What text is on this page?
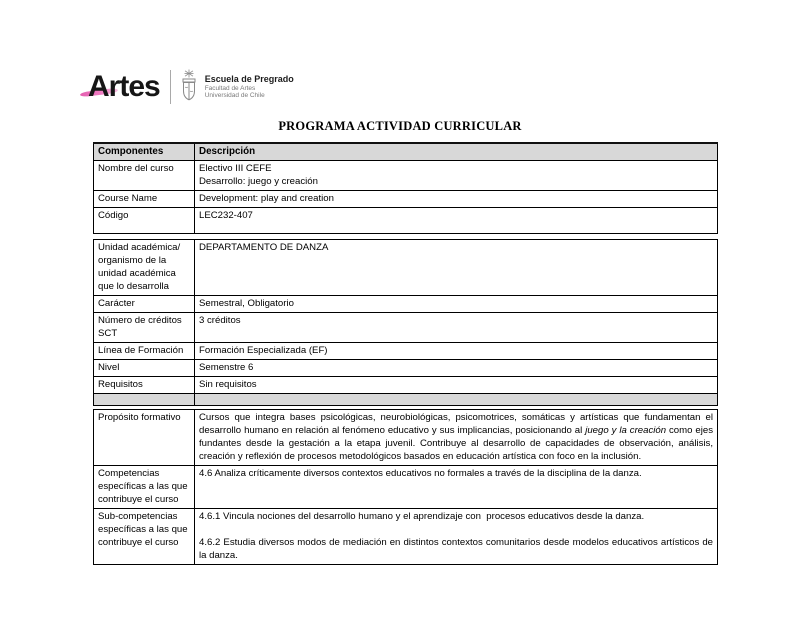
Artes	Escuela de Pregrado
Facultad de Artes
Universidad de Chile
PROGRAMA ACTIVIDAD CURRICULAR
Componentes	Descripción
Nombre del curso	Electivo III CEFE
Desarrollo: juego y creación

Course Name	Development: play and creation
Código	LEC232-407
Unidad académica/ organismo de la unidad académica que lo desarrolla	DEPARTAMENTO DE DANZA
Carácter	Semestral, Obligatorio
Número de créditos SCT	3 créditos
Línea de Formación	Formación Especializada (EF)
Nivel	Semenstre 6
Requisitos	Sin requisitos

Propósito formativo	Cursos que integra bases psicológicas, neurobiológicas, psicomotrices, somáticas y artísticas que fundamentan el desarrollo humano en relación al fenómeno educativo y sus implicancias, posicionando al juego y la creación como ejes fundantes desde la gestación a la etapa juvenil. Contribuye al desarrollo de capacidades de observación, análisis, creación y reflexión de procesos metodológicos basados en educación artística con foco en la inclusión.
Competencias específicas a las que contribuye el curso	4.6 Analiza críticamente diversos contextos educativos no formales a través de la disciplina de la danza.
Sub-competencias específicas a las que contribuye el curso	4.6.1 Vincula nociones del desarrollo humano y el aprendizaje con  procesos educativos desde la danza.
4.6.2 Estudia diversos modos de mediación en distintos contextos comunitarios desde modelos educativos artísticos de la danza.
